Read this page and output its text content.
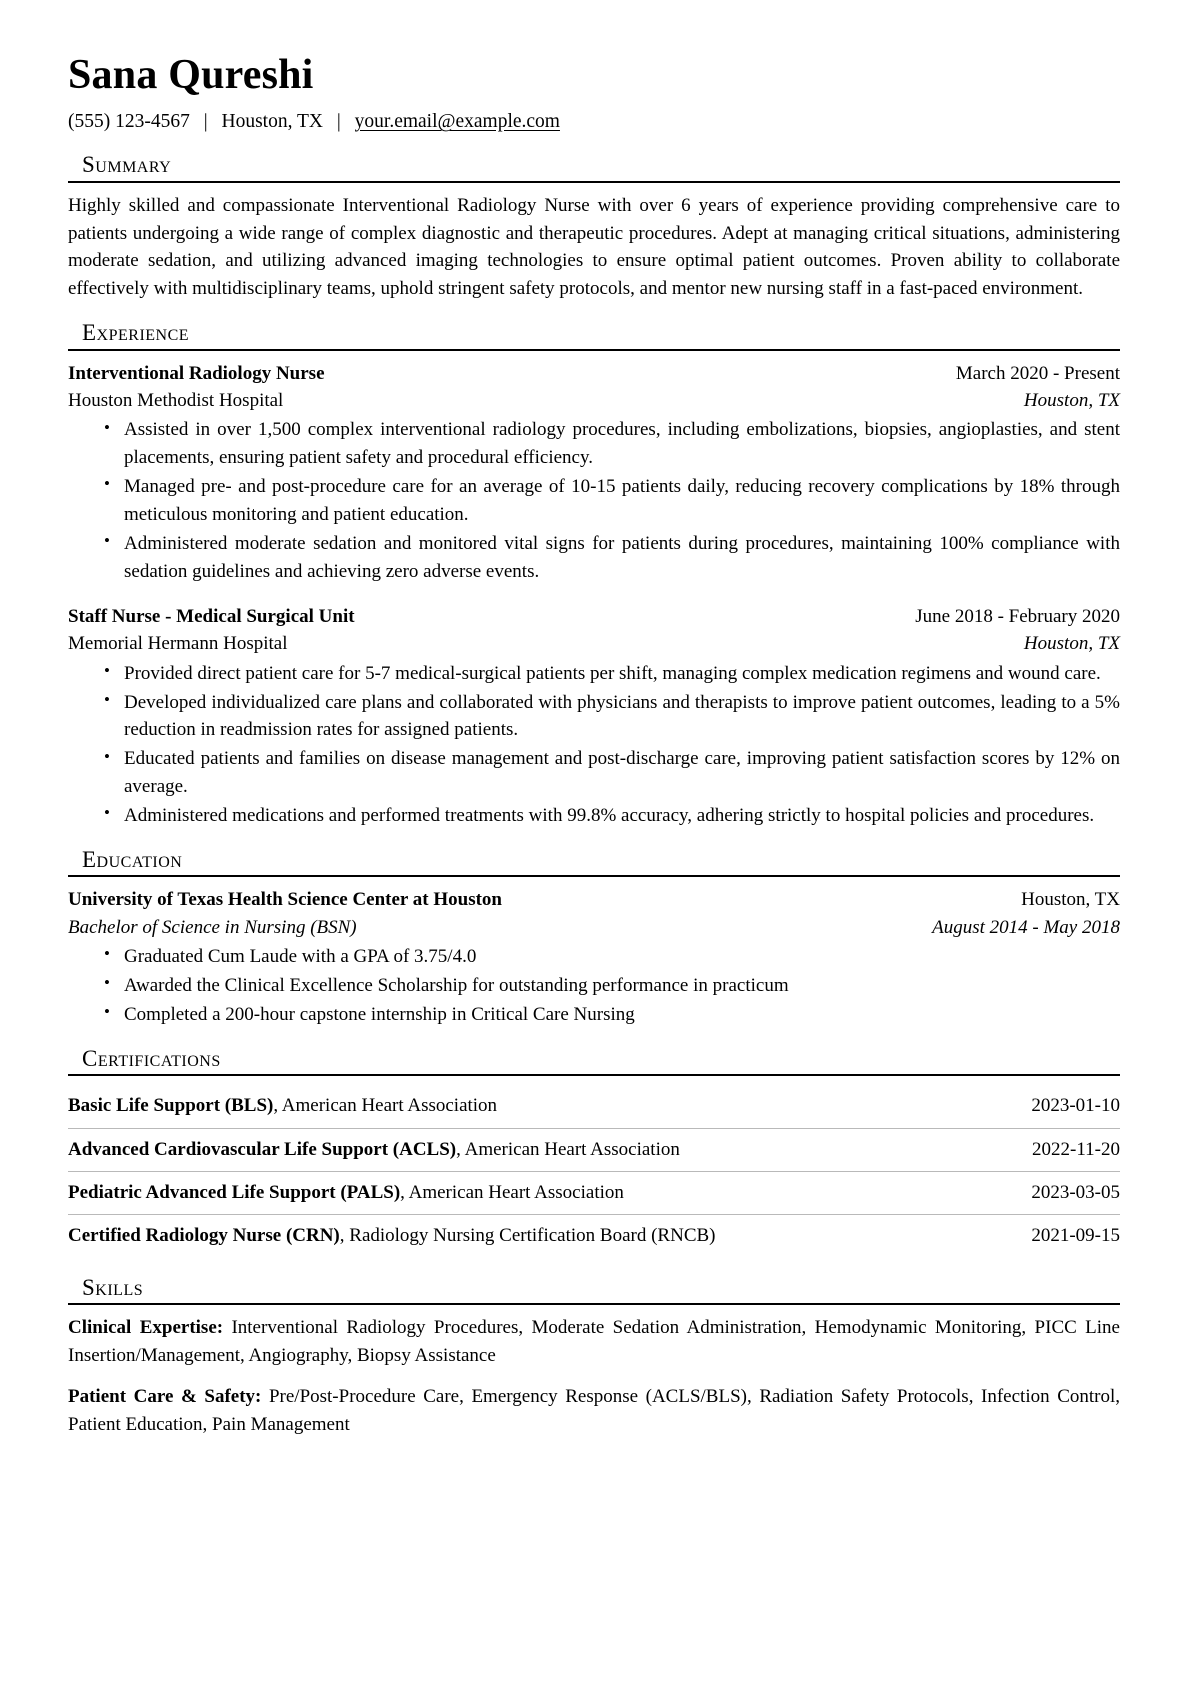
Sana Qureshi
(555) 123-4567 | Houston, TX | your.email@example.com
Summary

Highly skilled and compassionate Interventional Radiology Nurse with over 6 years of experience providing comprehensive care to patients undergoing a wide range of complex diagnostic and therapeutic procedures. Adept at managing critical situations, administering moderate sedation, and utilizing advanced imaging technologies to ensure optimal patient outcomes. Proven ability to collaborate effectively with multidisciplinary teams, uphold stringent safety protocols, and mentor new nursing staff in a fast-paced environment.

Experience
Interventional Radiology Nurse	March 2020 - Present
Houston Methodist Hospital	Houston, TX
• Assisted in over 1,500 complex interventional radiology procedures, including embolizations, biopsies, angioplasties, and stent placements, ensuring patient safety and procedural efficiency.
• Managed pre- and post-procedure care for an average of 10-15 patients daily, reducing recovery complications by 18% through meticulous monitoring and patient education.
• Administered moderate sedation and monitored vital signs for patients during procedures, maintaining 100% compliance with sedation guidelines and achieving zero adverse events.
Staff Nurse - Medical Surgical Unit	June 2018 - February 2020
Memorial Hermann Hospital	Houston, TX
• Provided direct patient care for 5-7 medical-surgical patients per shift, managing complex medication regimens and wound care.
• Developed individualized care plans and collaborated with physicians and therapists to improve patient outcomes, leading to a 5% reduction in readmission rates for assigned patients.
• Educated patients and families on disease management and post-discharge care, improving patient satisfaction scores by 12% on average.
• Administered medications and performed treatments with 99.8% accuracy, adhering strictly to hospital policies and procedures.
Education
University of Texas Health Science Center at Houston	Houston, TX
Bachelor of Science in Nursing (BSN)	August 2014 - May 2018
• Graduated Cum Laude with a GPA of 3.75/4.0
• Awarded the Clinical Excellence Scholarship for outstanding performance in practicum
• Completed a 200-hour capstone internship in Critical Care Nursing
Certifications
Basic Life Support (BLS), American Heart Association	2023-01-10
Advanced Cardiovascular Life Support (ACLS), American Heart Association	2022-11-20
Pediatric Advanced Life Support (PALS), American Heart Association	2023-03-05
Certified Radiology Nurse (CRN), Radiology Nursing Certification Board (RNCB)	2021-09-15
Skills

Clinical Expertise: Interventional Radiology Procedures, Moderate Sedation Administration, Hemodynamic Monitoring, PICC Line Insertion/Management, Angiography, Biopsy Assistance

Patient Care & Safety: Pre/Post-Procedure Care, Emergency Response (ACLS/BLS), Radiation Safety Protocols, Infection Control, Patient Education, Pain Management
